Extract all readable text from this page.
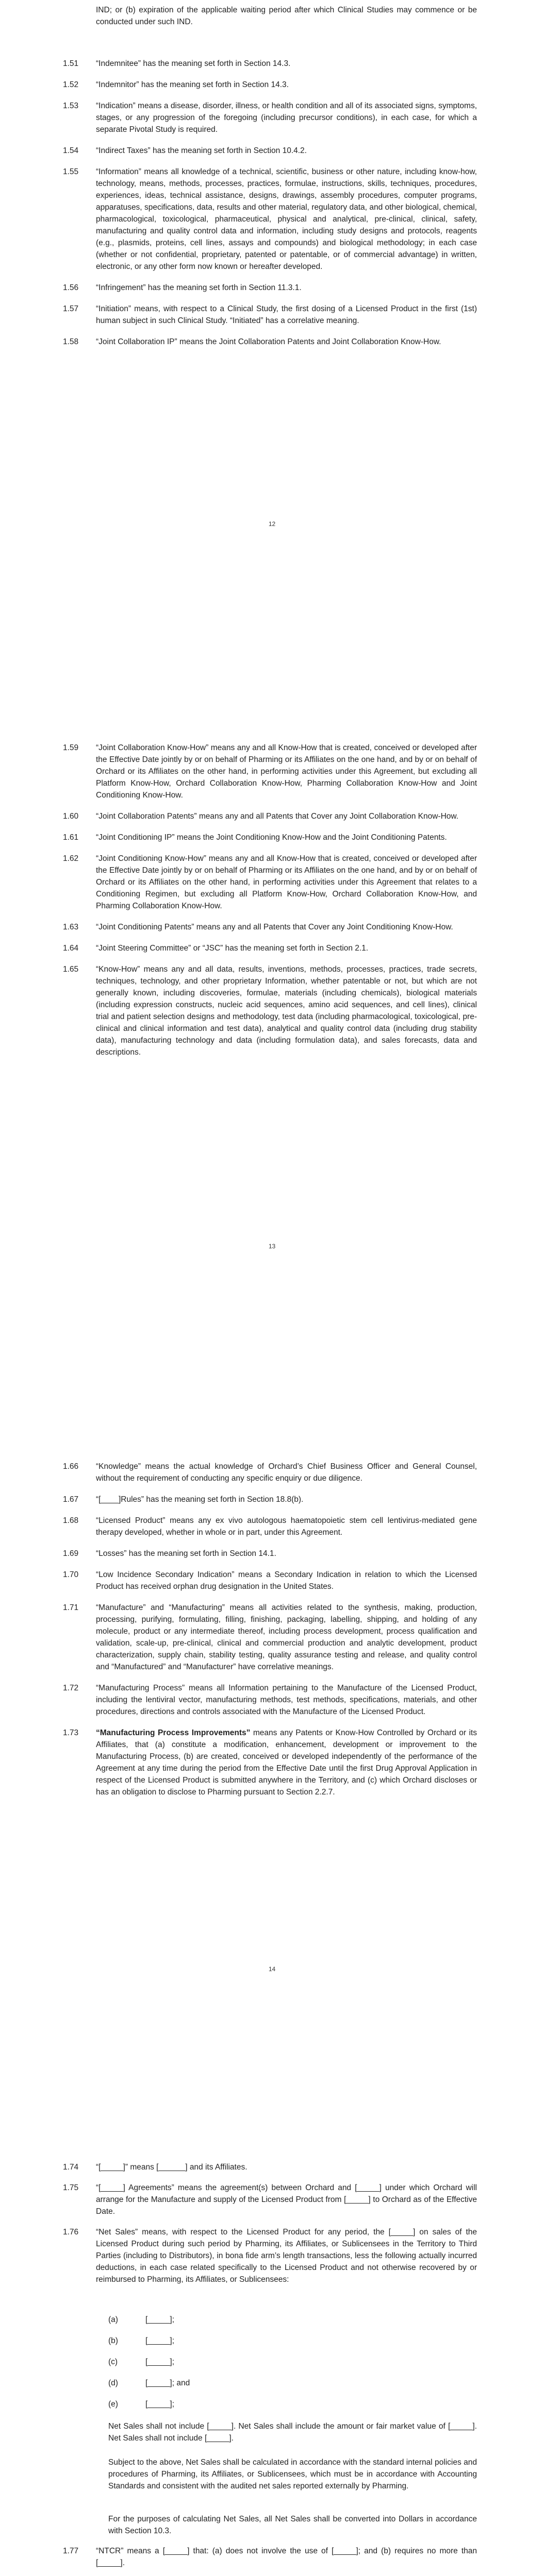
IND; or (b) expiration of the applicable waiting period after which Clinical Studies may commence or be conducted under such IND.
1.51	“Indemnitee” has the meaning set forth in Section 14.3.
1.52	“Indemnitor” has the meaning set forth in Section 14.3.
1.53	“Indication” means a disease, disorder, illness, or health condition and all of its associated signs, symptoms, stages, or any progression of the foregoing (including precursor conditions), in each case, for which a separate Pivotal Study is required.
1.54	“Indirect Taxes” has the meaning set forth in Section 10.4.2.
1.55	“Information” means all knowledge of a technical, scientific, business or other nature, including know-how, technology, means, methods, processes, practices, formulae, instructions, skills, techniques, procedures, experiences, ideas, technical assistance, designs, drawings, assembly procedures, computer programs, apparatuses, specifications, data, results and other material, regulatory data, and other biological, chemical, pharmacological, toxicological, pharmaceutical, physical and analytical, pre-clinical, clinical, safety, manufacturing and quality control data and information, including study designs and protocols, reagents (e.g., plasmids, proteins, cell lines, assays and compounds) and biological methodology; in each case (whether or not confidential, proprietary, patented or patentable, or of commercial advantage) in written, electronic, or any other form now known or hereafter developed.
1.56	“Infringement” has the meaning set forth in Section 11.3.1.
1.57	“Initiation” means, with respect to a Clinical Study, the first dosing of a Licensed Product in the first (1st) human subject in such Clinical Study. “Initiated” has a correlative meaning.
1.58	“Joint Collaboration IP” means the Joint Collaboration Patents and Joint Collaboration Know-How.
12
1.59	“Joint Collaboration Know-How” means any and all Know-How that is created, conceived or developed after the Effective Date jointly by or on behalf of Pharming or its Affiliates on the one hand, and by or on behalf of Orchard or its Affiliates on the other hand, in performing activities under this Agreement, but excluding all Platform Know-How, Orchard Collaboration Know-How, Pharming Collaboration Know-How and Joint Conditioning Know-How.
1.60	“Joint Collaboration Patents” means any and all Patents that Cover any Joint Collaboration Know-How.
1.61	“Joint Conditioning IP” means the Joint Conditioning Know-How and the Joint Conditioning Patents.
1.62	“Joint Conditioning Know-How” means any and all Know-How that is created, conceived or developed after the Effective Date jointly by or on behalf of Pharming or its Affiliates on the one hand, and by or on behalf of Orchard or its Affiliates on the other hand, in performing activities under this Agreement that relates to a Conditioning Regimen, but excluding all Platform Know-How, Orchard Collaboration Know-How, and Pharming Collaboration Know-How.
1.63	“Joint Conditioning Patents” means any and all Patents that Cover any Joint Conditioning Know-How.
1.64	“Joint Steering Committee” or “JSC” has the meaning set forth in Section 2.1.
1.65	“Know-How” means any and all data, results, inventions, methods, processes, practices, trade secrets, techniques, technology, and other proprietary Information, whether patentable or not, but which are not generally known, including discoveries, formulae, materials (including chemicals), biological materials (including expression constructs, nucleic acid sequences, amino acid sequences, and cell lines), clinical trial and patient selection designs and methodology, test data (including pharmacological, toxicological, pre-clinical and clinical information and test data), analytical and quality control data (including drug stability data), manufacturing technology and data (including formulation data), and sales forecasts, data and descriptions.
13
1.66	“Knowledge” means the actual knowledge of Orchard’s Chief Business Officer and General Counsel, without the requirement of conducting any specific enquiry or due diligence.
1.67	“[____]Rules” has the meaning set forth in Section 18.8(b).
1.68	“Licensed Product” means any ex vivo autologous haematopoietic stem cell lentivirus-mediated gene therapy developed, whether in whole or in part, under this Agreement.
1.69	“Losses” has the meaning set forth in Section 14.1.
1.70	“Low Incidence Secondary Indication” means a Secondary Indication in relation to which the Licensed Product has received orphan drug designation in the United States.
1.71	“Manufacture” and “Manufacturing” means all activities related to the synthesis, making, production, processing, purifying, formulating, filling, finishing, packaging, labelling, shipping, and holding of any molecule, product or any intermediate thereof, including process development, process qualification and validation, scale-up, pre-clinical, clinical and commercial production and analytic development, product characterization, supply chain, stability testing, quality assurance testing and release, and quality control and “Manufactured” and “Manufacturer” have correlative meanings.
1.72	“Manufacturing Process” means all Information pertaining to the Manufacture of the Licensed Product, including the lentiviral vector, manufacturing methods, test methods, specifications, materials, and other procedures, directions and controls associated with the Manufacture of the Licensed Product.
1.73	“Manufacturing Process Improvements” means any Patents or Know-How Controlled by Orchard or its Affiliates, that (a) constitute a modification, enhancement, development or improvement to the Manufacturing Process, (b) are created, conceived or developed independently of the performance of the Agreement at any time during the period from the Effective Date until the first Drug Approval Application in respect of the Licensed Product is submitted anywhere in the Territory, and (c) which Orchard discloses or has an obligation to disclose to Pharming pursuant to Section 2.2.7.
14
1.74	“[_____]” means [______] and its Affiliates.
1.75	“[_____] Agreements” means the agreement(s) between Orchard and [_____] under which Orchard will arrange for the Manufacture and supply of the Licensed Product from [_____] to Orchard as of the Effective Date.
1.76	“Net Sales” means, with respect to the Licensed Product for any period, the [_____] on sales of the Licensed Product during such period by Pharming, its Affiliates, or Sublicensees in the Territory to Third Parties (including to Distributors), in bona fide arm’s length transactions, less the following actually incurred deductions, in each case related specifically to the Licensed Product and not otherwise recovered by or reimbursed to Pharming, its Affiliates, or Sublicensees:
(a)	[_____];
(b)	[_____];
(c)	[_____];
(d)	[_____]; and
(e)	[_____];
Net Sales shall not include [_____]. Net Sales shall include the amount or fair market value of [_____]. Net Sales shall not include [_____].
Subject to the above, Net Sales shall be calculated in accordance with the standard internal policies and procedures of Pharming, its Affiliates, or Sublicensees, which must be in accordance with Accounting Standards and consistent with the audited net sales reported externally by Pharming.
For the purposes of calculating Net Sales, all Net Sales shall be converted into Dollars in accordance with Section 10.3.
1.77	“NTCR” means a [_____] that: (a) does not involve the use of [_____]; and (b) requires no more than [_____].
